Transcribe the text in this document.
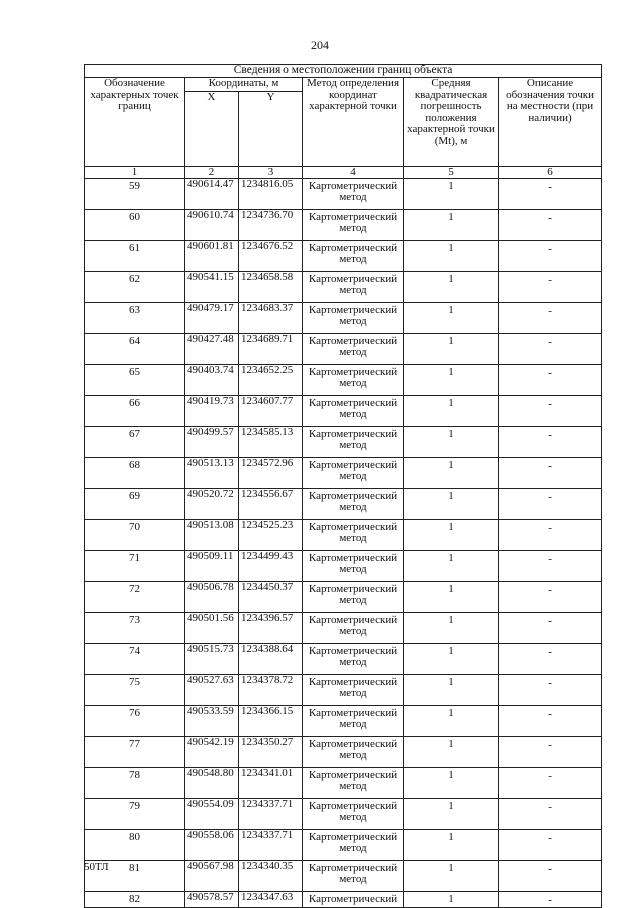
204
Сведения о местоположении границ объекта					
Обозначение характерных точек границ	Координаты, м		Метод определения координат характерной точки	Средняя квадратическая погрешность положения характерной точки (Mt), м	Описание обозначения точки на местности (при наличии)
	X	Y			
1	2	3	4	5	6
59	490614.47	1234816.05	Картометрический метод	1	-
60	490610.74	1234736.70	Картометрический метод	1	-
61	490601.81	1234676.52	Картометрический метод	1	-
62	490541.15	1234658.58	Картометрический метод	1	-
63	490479.17	1234683.37	Картометрический метод	1	-
64	490427.48	1234689.71	Картометрический метод	1	-
65	490403.74	1234652.25	Картометрический метод	1	-
66	490419.73	1234607.77	Картометрический метод	1	-
67	490499.57	1234585.13	Картометрический метод	1	-
68	490513.13	1234572.96	Картометрический метод	1	-
69	490520.72	1234556.67	Картометрический метод	1	-
70	490513.08	1234525.23	Картометрический метод	1	-
71	490509.11	1234499.43	Картометрический метод	1	-
72	490506.78	1234450.37	Картометрический метод	1	-
73	490501.56	1234396.57	Картометрический метод	1	-
74	490515.73	1234388.64	Картометрический метод	1	-
75	490527.63	1234378.72	Картометрический метод	1	-
76	490533.59	1234366.15	Картометрический метод	1	-
77	490542.19	1234350.27	Картометрический метод	1	-
78	490548.80	1234341.01	Картометрический метод	1	-
79	490554.09	1234337.71	Картометрический метод	1	-
80	490558.06	1234337.71	Картометрический метод	1	-
81	490567.98	1234340.35	Картометрический метод	1	-
82	490578.57	1234347.63	Картометрический	1	-
50ТЛ
